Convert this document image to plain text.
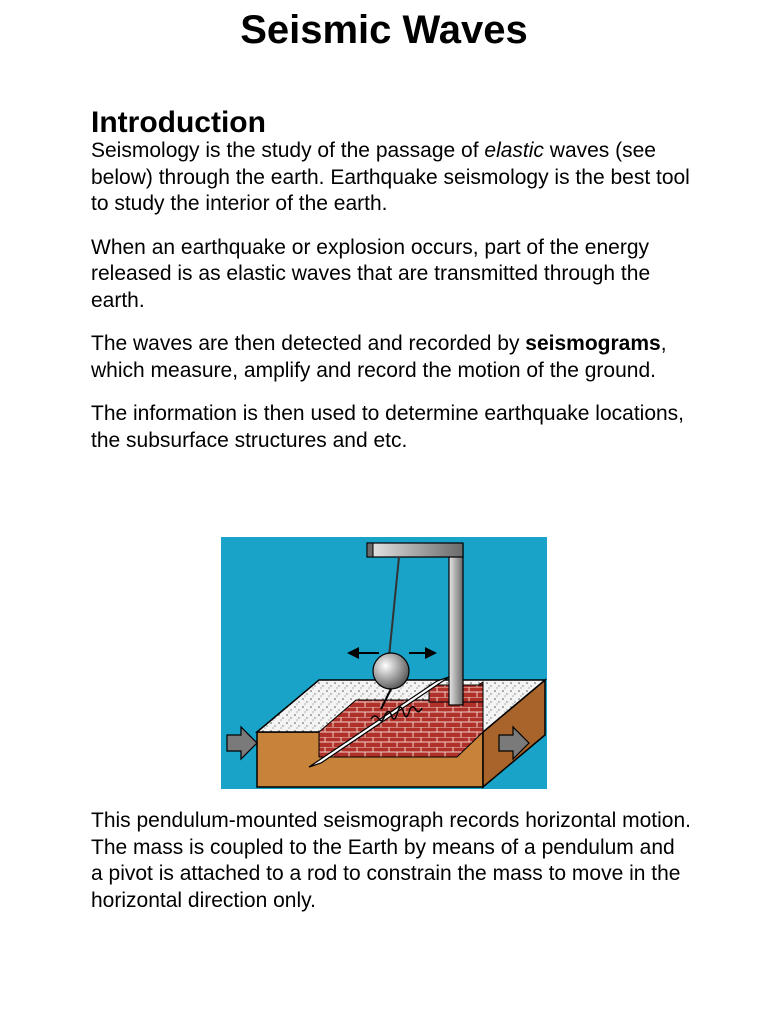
Seismic Waves
Introduction

Seismology is the study of the passage of elastic waves (see below) through the earth. Earthquake seismology is the best tool to study the interior of the earth.

When an earthquake or explosion occurs, part of the energy released is as elastic waves that are transmitted through the earth.

The waves are then detected and recorded by seismograms, which measure, amplify and record the motion of the ground.

The information is then used to determine earthquake locations, the subsurface structures and etc.

This pendulum-mounted seismograph records horizontal motion. The mass is coupled to the Earth by means of a pendulum and a pivot is attached to a rod to constrain the mass to move in the horizontal direction only.
